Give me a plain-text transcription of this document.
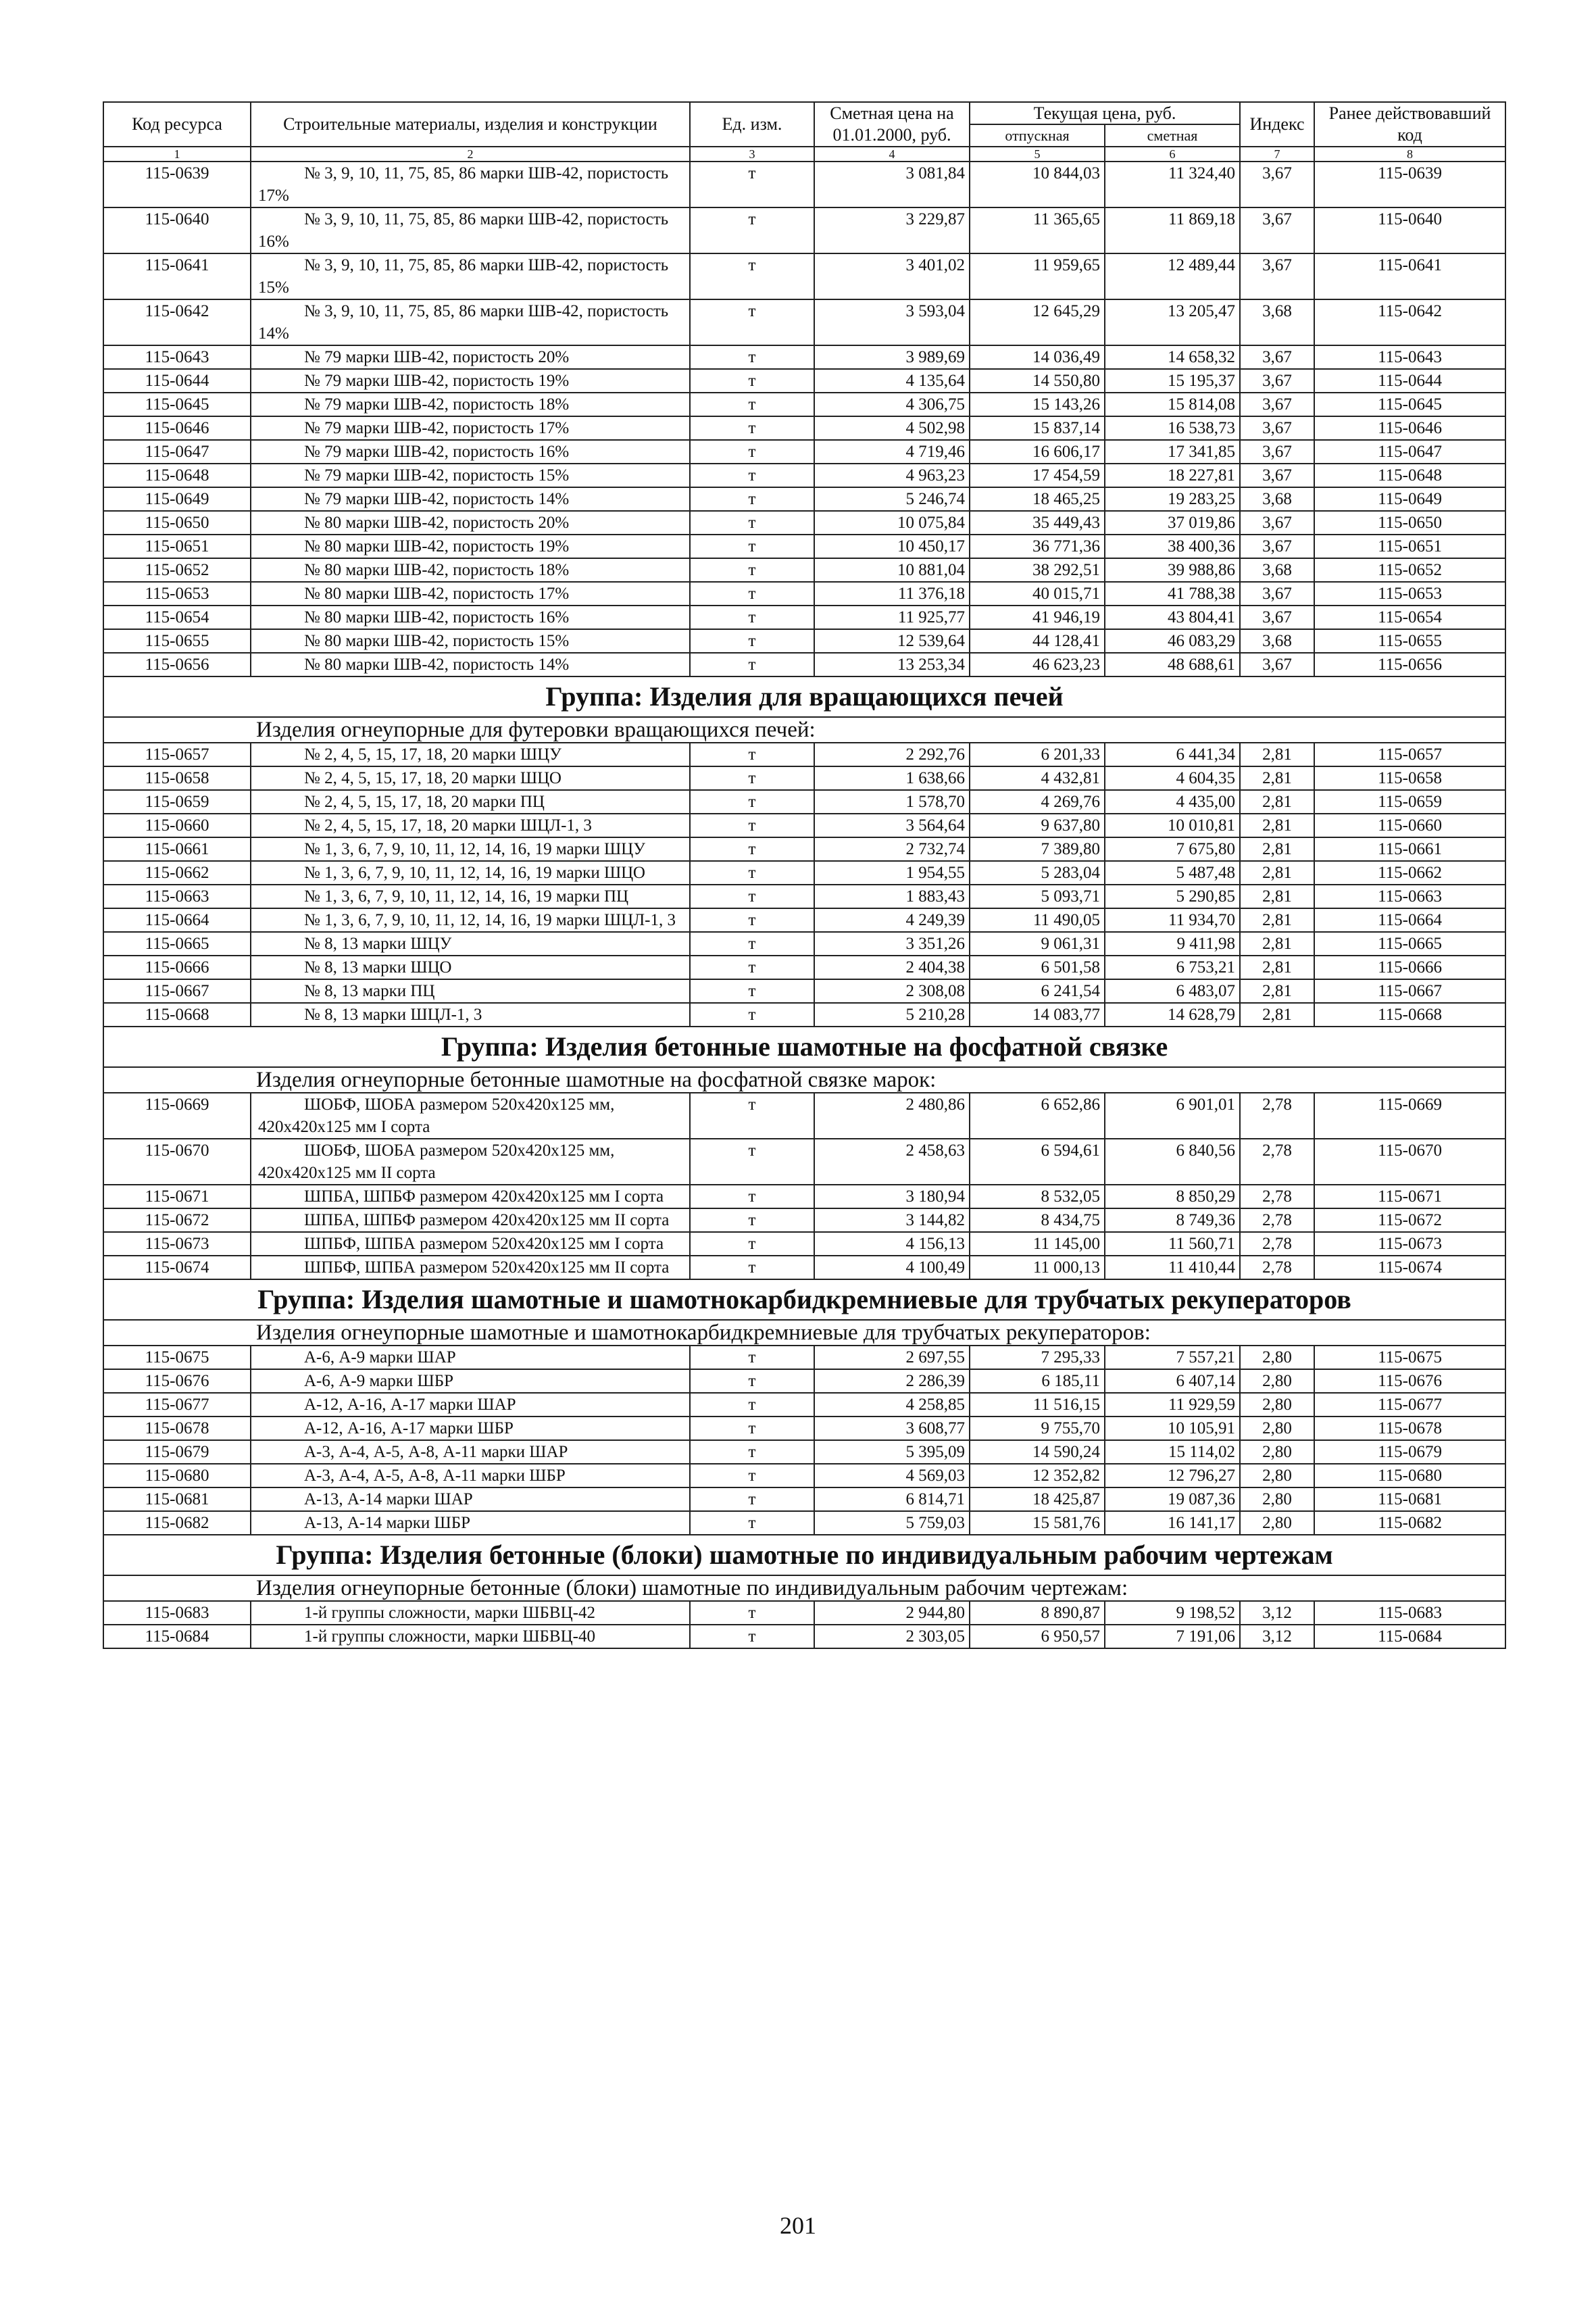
Код ресурса	Строительные материалы, изделия и конструкции	Ед. изм.	Сметная цена на 01.01.2000, руб.	Текущая цена, руб.		Индекс	Ранее действовавший код
				отпускная	сметная		
1	2	3	4	5	6	7	8
115-0639	№ 3, 9, 10, 11, 75, 85, 86 марки ШВ-42, пористость 17%	т	3 081,84	10 844,03	11 324,40	3,67	115-0639
115-0640	№ 3, 9, 10, 11, 75, 85, 86 марки ШВ-42, пористость 16%	т	3 229,87	11 365,65	11 869,18	3,67	115-0640
115-0641	№ 3, 9, 10, 11, 75, 85, 86 марки ШВ-42, пористость 15%	т	3 401,02	11 959,65	12 489,44	3,67	115-0641
115-0642	№ 3, 9, 10, 11, 75, 85, 86 марки ШВ-42, пористость 14%	т	3 593,04	12 645,29	13 205,47	3,68	115-0642
115-0643	№ 79 марки ШВ-42, пористость 20%	т	3 989,69	14 036,49	14 658,32	3,67	115-0643
115-0644	№ 79 марки ШВ-42, пористость 19%	т	4 135,64	14 550,80	15 195,37	3,67	115-0644
115-0645	№ 79 марки ШВ-42, пористость 18%	т	4 306,75	15 143,26	15 814,08	3,67	115-0645
115-0646	№ 79 марки ШВ-42, пористость 17%	т	4 502,98	15 837,14	16 538,73	3,67	115-0646
115-0647	№ 79 марки ШВ-42, пористость 16%	т	4 719,46	16 606,17	17 341,85	3,67	115-0647
115-0648	№ 79 марки ШВ-42, пористость 15%	т	4 963,23	17 454,59	18 227,81	3,67	115-0648
115-0649	№ 79 марки ШВ-42, пористость 14%	т	5 246,74	18 465,25	19 283,25	3,68	115-0649
115-0650	№ 80 марки ШВ-42, пористость 20%	т	10 075,84	35 449,43	37 019,86	3,67	115-0650
115-0651	№ 80 марки ШВ-42, пористость 19%	т	10 450,17	36 771,36	38 400,36	3,67	115-0651
115-0652	№ 80 марки ШВ-42, пористость 18%	т	10 881,04	38 292,51	39 988,86	3,68	115-0652
115-0653	№ 80 марки ШВ-42, пористость 17%	т	11 376,18	40 015,71	41 788,38	3,67	115-0653
115-0654	№ 80 марки ШВ-42, пористость 16%	т	11 925,77	41 946,19	43 804,41	3,67	115-0654
115-0655	№ 80 марки ШВ-42, пористость 15%	т	12 539,64	44 128,41	46 083,29	3,68	115-0655
115-0656	№ 80 марки ШВ-42, пористость 14%	т	13 253,34	46 623,23	48 688,61	3,67	115-0656
Группа: Изделия для вращающихся печей							
Изделия огнеупорные для футеровки вращающихся печей:							
115-0657	№ 2, 4, 5, 15, 17, 18, 20 марки ШЦУ	т	2 292,76	6 201,33	6 441,34	2,81	115-0657
115-0658	№ 2, 4, 5, 15, 17, 18, 20 марки ШЦО	т	1 638,66	4 432,81	4 604,35	2,81	115-0658
115-0659	№ 2, 4, 5, 15, 17, 18, 20 марки ПЦ	т	1 578,70	4 269,76	4 435,00	2,81	115-0659
115-0660	№ 2, 4, 5, 15, 17, 18, 20 марки ШЦЛ-1, 3	т	3 564,64	9 637,80	10 010,81	2,81	115-0660
115-0661	№ 1, 3, 6, 7, 9, 10, 11, 12, 14, 16, 19 марки ШЦУ	т	2 732,74	7 389,80	7 675,80	2,81	115-0661
115-0662	№ 1, 3, 6, 7, 9, 10, 11, 12, 14, 16, 19 марки ШЦО	т	1 954,55	5 283,04	5 487,48	2,81	115-0662
115-0663	№ 1, 3, 6, 7, 9, 10, 11, 12, 14, 16, 19 марки ПЦ	т	1 883,43	5 093,71	5 290,85	2,81	115-0663
115-0664	№ 1, 3, 6, 7, 9, 10, 11, 12, 14, 16, 19 марки ШЦЛ-1, 3	т	4 249,39	11 490,05	11 934,70	2,81	115-0664
115-0665	№ 8, 13 марки ШЦУ	т	3 351,26	9 061,31	9 411,98	2,81	115-0665
115-0666	№ 8, 13 марки ШЦО	т	2 404,38	6 501,58	6 753,21	2,81	115-0666
115-0667	№ 8, 13 марки ПЦ	т	2 308,08	6 241,54	6 483,07	2,81	115-0667
115-0668	№ 8, 13 марки ШЦЛ-1, 3	т	5 210,28	14 083,77	14 628,79	2,81	115-0668
Группа: Изделия бетонные шамотные на фосфатной связке							
Изделия огнеупорные бетонные шамотные на фосфатной связке марок:							
115-0669	ШОБФ, ШОБА размером 520х420х125 мм, 420х420х125 мм I сорта	т	2 480,86	6 652,86	6 901,01	2,78	115-0669
115-0670	ШОБФ, ШОБА размером 520х420х125 мм, 420х420х125 мм II сорта	т	2 458,63	6 594,61	6 840,56	2,78	115-0670
115-0671	ШПБА, ШПБФ размером 420х420х125 мм I сорта	т	3 180,94	8 532,05	8 850,29	2,78	115-0671
115-0672	ШПБА, ШПБФ размером 420х420х125 мм II сорта	т	3 144,82	8 434,75	8 749,36	2,78	115-0672
115-0673	ШПБФ, ШПБА размером 520х420х125 мм I сорта	т	4 156,13	11 145,00	11 560,71	2,78	115-0673
115-0674	ШПБФ, ШПБА размером 520х420х125 мм II сорта	т	4 100,49	11 000,13	11 410,44	2,78	115-0674
Группа: Изделия шамотные и шамотнокарбидкремниевые для трубчатых рекуператоров							
Изделия огнеупорные шамотные и шамотнокарбидкремниевые для трубчатых рекуператоров:							
115-0675	А-6, А-9 марки ШАР	т	2 697,55	7 295,33	7 557,21	2,80	115-0675
115-0676	А-6, А-9 марки ШБР	т	2 286,39	6 185,11	6 407,14	2,80	115-0676
115-0677	А-12, А-16, А-17 марки ШАР	т	4 258,85	11 516,15	11 929,59	2,80	115-0677
115-0678	А-12, А-16, А-17 марки ШБР	т	3 608,77	9 755,70	10 105,91	2,80	115-0678
115-0679	А-3, А-4, А-5, А-8, А-11 марки ШАР	т	5 395,09	14 590,24	15 114,02	2,80	115-0679
115-0680	А-3, А-4, А-5, А-8, А-11 марки ШБР	т	4 569,03	12 352,82	12 796,27	2,80	115-0680
115-0681	А-13, А-14 марки ШАР	т	6 814,71	18 425,87	19 087,36	2,80	115-0681
115-0682	А-13, А-14 марки ШБР	т	5 759,03	15 581,76	16 141,17	2,80	115-0682
Группа: Изделия бетонные (блоки) шамотные по индивидуальным рабочим чертежам							
Изделия огнеупорные бетонные (блоки) шамотные по индивидуальным рабочим чертежам:							
115-0683	1-й группы сложности, марки ШБВЦ-42	т	2 944,80	8 890,87	9 198,52	3,12	115-0683
115-0684	1-й группы сложности, марки ШБВЦ-40	т	2 303,05	6 950,57	7 191,06	3,12	115-0684
201
